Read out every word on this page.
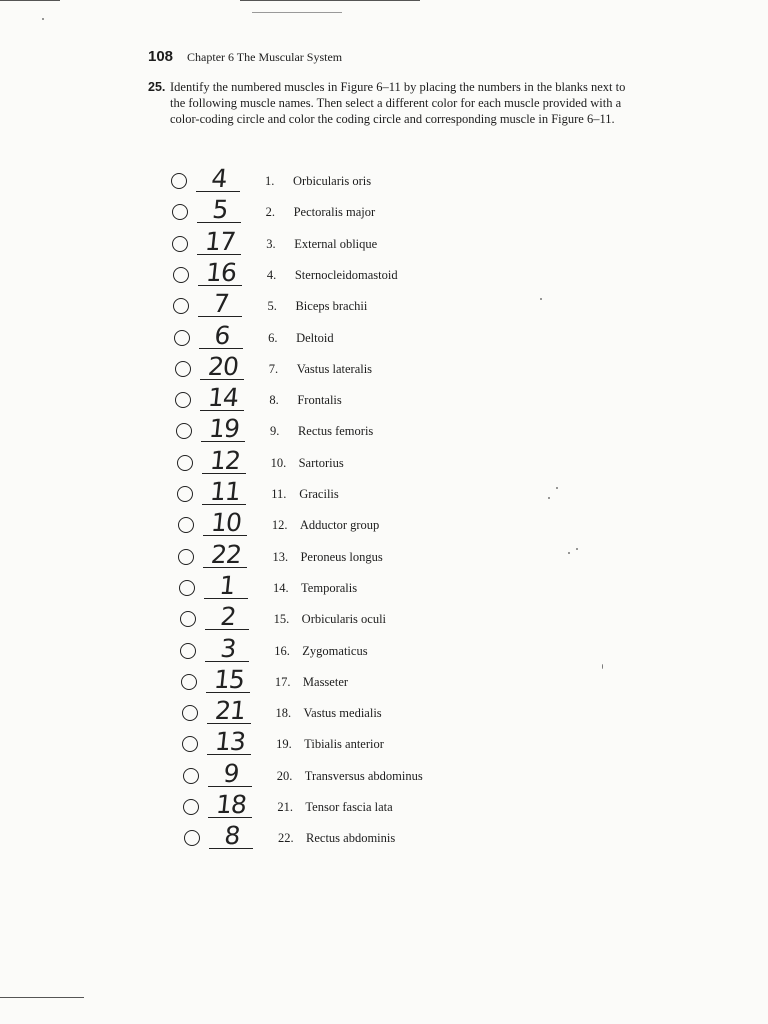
108 Chapter 6 The Muscular System
25. Identify the numbered muscles in Figure 6–11 by placing the numbers in the blanks next to the following muscle names. Then select a different color for each muscle provided with a color-coding circle and color the coding circle and corresponding muscle in Figure 6–11.
4	1.	Orbicularis oris
5	2.	Pectoralis major
17	3.	External oblique
16	4.	Sternocleidomastoid
7	5.	Biceps brachii
6	6.	Deltoid
20	7.	Vastus lateralis
14	8.	Frontalis
19	9.	Rectus femoris
12	10. Sartorius
11	11.	Gracilis
10	12. Adductor group
22	13. Peroneus longus
1	14. Temporalis
2	15. Orbicularis oculi
3	16. Zygomaticus
15	17. Masseter
21	18. Vastus medialis
13	19. Tibialis anterior
9	20. Transversus abdominus
18	21. Tensor fascia lata
8	22. Rectus abdominis
